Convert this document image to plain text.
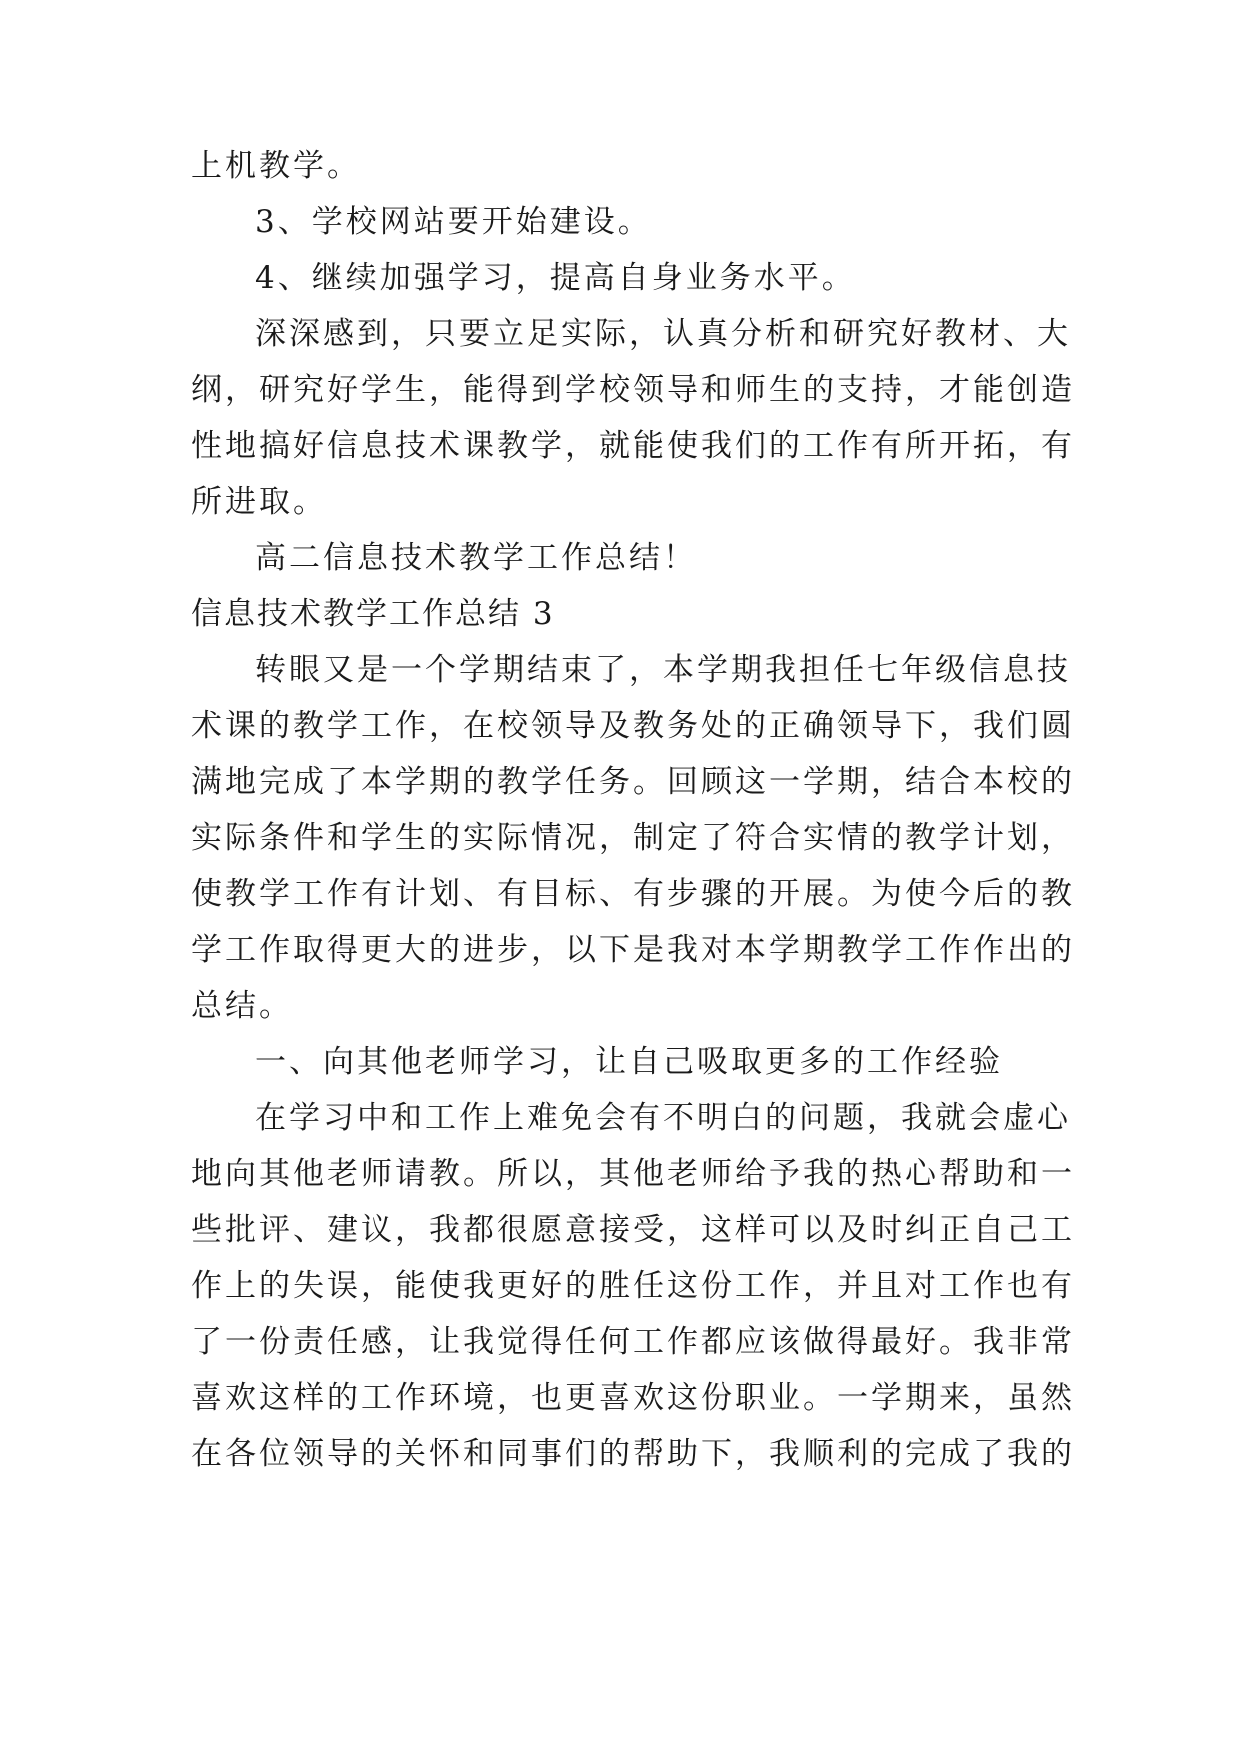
上机教学。
3、学校网站要开始建设。
4、继续加强学习，提高自身业务水平。
深深感到，只要立足实际，认真分析和研究好教材、大
纲，研究好学生，能得到学校领导和师生的支持，才能创造
性地搞好信息技术课教学，就能使我们的工作有所开拓，有
所进取。
高二信息技术教学工作总结！
信息技术教学工作总结 3
转眼又是一个学期结束了，本学期我担任七年级信息技
术课的教学工作，在校领导及教务处的正确领导下，我们圆
满地完成了本学期的教学任务。回顾这一学期，结合本校的
实际条件和学生的实际情况，制定了符合实情的教学计划，
使教学工作有计划、有目标、有步骤的开展。为使今后的教
学工作取得更大的进步，以下是我对本学期教学工作作出的
总结。
一、向其他老师学习，让自己吸取更多的工作经验
在学习中和工作上难免会有不明白的问题，我就会虚心
地向其他老师请教。所以，其他老师给予我的热心帮助和一
些批评、建议，我都很愿意接受，这样可以及时纠正自己工
作上的失误，能使我更好的胜任这份工作，并且对工作也有
了一份责任感，让我觉得任何工作都应该做得最好。我非常
喜欢这样的工作环境，也更喜欢这份职业。一学期来，虽然
在各位领导的关怀和同事们的帮助下，我顺利的完成了我的
